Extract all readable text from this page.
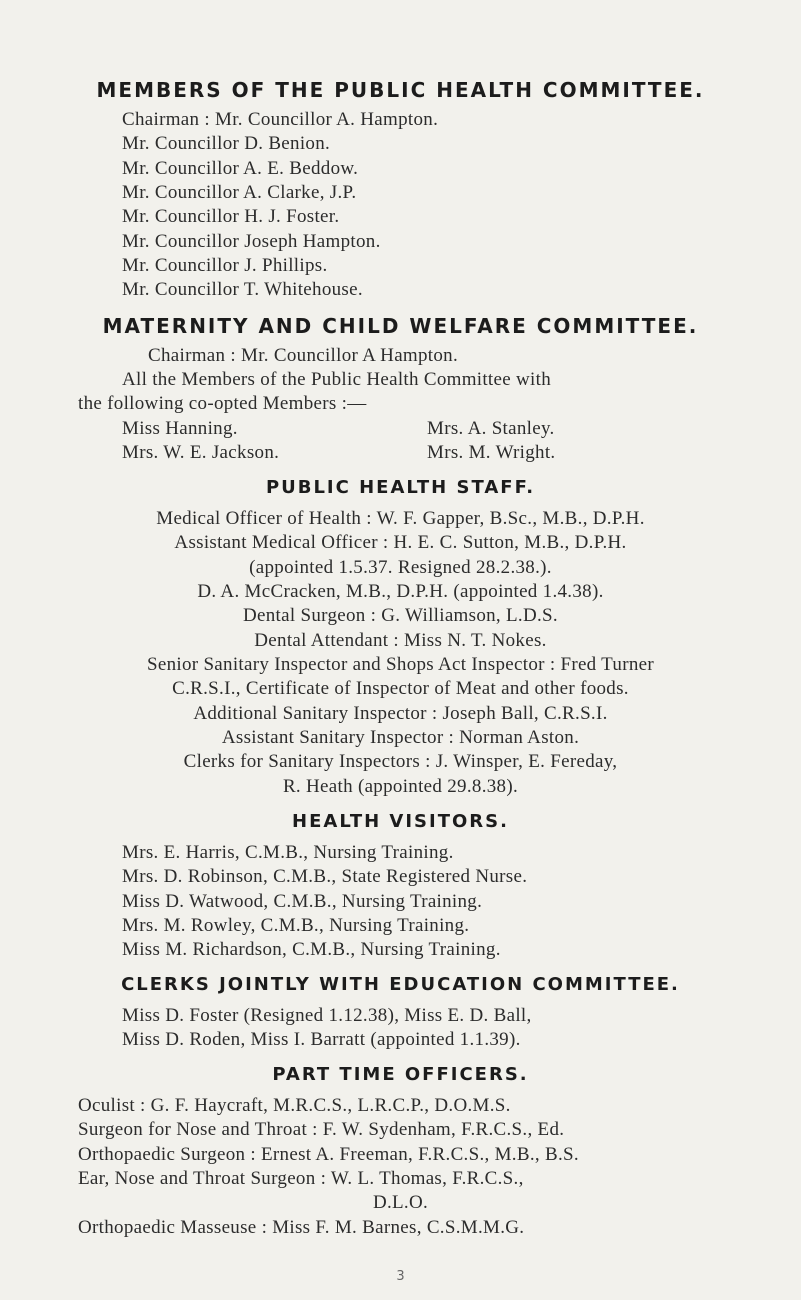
MEMBERS OF THE PUBLIC HEALTH COMMITTEE.
Chairman : Mr. Councillor A. Hampton.
Mr. Councillor D. Benion.
Mr. Councillor A. E. Beddow.
Mr. Councillor A. Clarke, J.P.
Mr. Councillor H. J. Foster.
Mr. Councillor Joseph Hampton.
Mr. Councillor J. Phillips.
Mr. Councillor T. Whitehouse.
MATERNITY AND CHILD WELFARE COMMITTEE.
Chairman : Mr. Councillor A Hampton.
All the Members of the Public Health Committee with
the following co-opted Members :—
Miss Hanning.	Mrs. A. Stanley.
Mrs. W. E. Jackson.	Mrs. M. Wright.
PUBLIC HEALTH STAFF.
Medical Officer of Health : W. F. Gapper, B.Sc., M.B., D.P.H.
Assistant Medical Officer : H. E. C. Sutton, M.B., D.P.H.
(appointed 1.5.37. Resigned 28.2.38.).
D. A. McCracken, M.B., D.P.H. (appointed 1.4.38).
Dental Surgeon : G. Williamson, L.D.S.
Dental Attendant : Miss N. T. Nokes.
Senior Sanitary Inspector and Shops Act Inspector : Fred Turner
C.R.S.I., Certificate of Inspector of Meat and other foods.
Additional Sanitary Inspector : Joseph Ball, C.R.S.I.
Assistant Sanitary Inspector : Norman Aston.
Clerks for Sanitary Inspectors : J. Winsper, E. Fereday,
R. Heath (appointed 29.8.38).
HEALTH VISITORS.
Mrs. E. Harris, C.M.B., Nursing Training.
Mrs. D. Robinson, C.M.B., State Registered Nurse.
Miss D. Watwood, C.M.B., Nursing Training.
Mrs. M. Rowley, C.M.B., Nursing Training.
Miss M. Richardson, C.M.B., Nursing Training.
CLERKS JOINTLY WITH EDUCATION COMMITTEE.
Miss D. Foster (Resigned 1.12.38), Miss E. D. Ball,
Miss D. Roden, Miss I. Barratt (appointed 1.1.39).
PART TIME OFFICERS.
Oculist : G. F. Haycraft, M.R.C.S., L.R.C.P., D.O.M.S.
Surgeon for Nose and Throat : F. W. Sydenham, F.R.C.S., Ed.
Orthopaedic Surgeon : Ernest A. Freeman, F.R.C.S., M.B., B.S.
Ear, Nose and Throat Surgeon : W. L. Thomas, F.R.C.S.,
D.L.O.
Orthopaedic Masseuse : Miss F. M. Barnes, C.S.M.M.G.
3
